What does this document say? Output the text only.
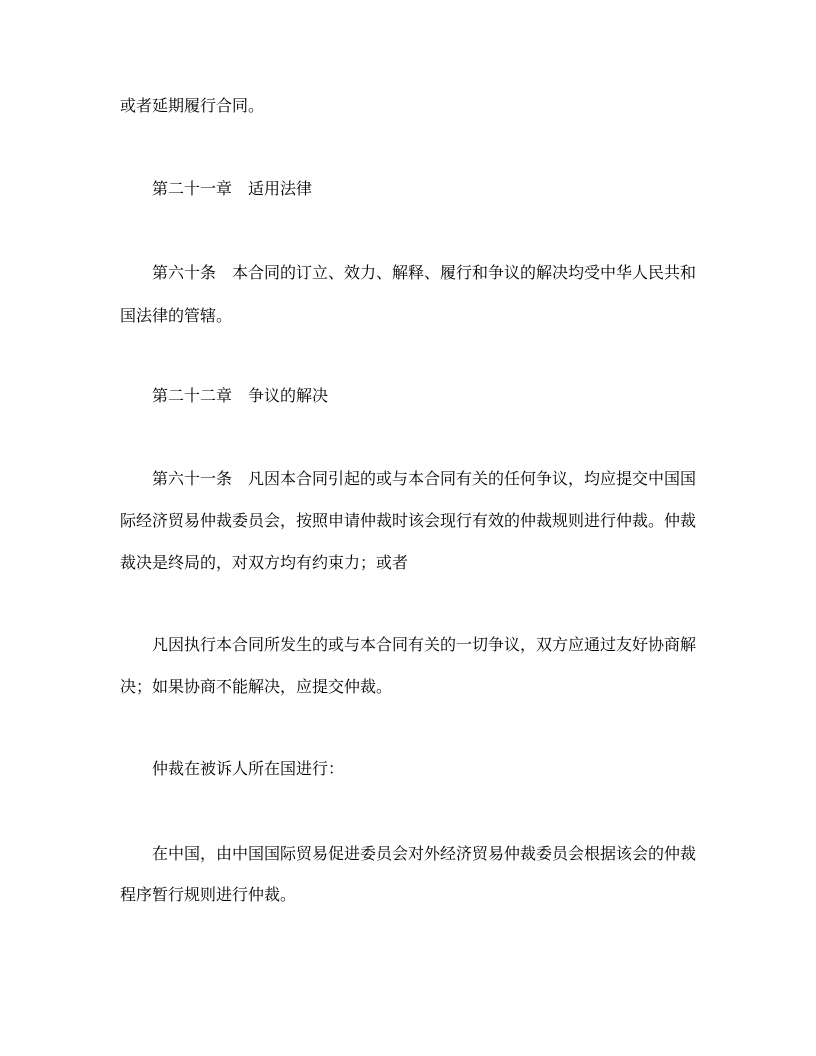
或者延期履行合同。
第二十一章　适用法律
第六十条　本合同的订立、效力、解释、履行和争议的解决均受中华人民共和
国法律的管辖。
第二十二章　争议的解决
第六十一条　凡因本合同引起的或与本合同有关的任何争议，均应提交中国国
际经济贸易仲裁委员会，按照申请仲裁时该会现行有效的仲裁规则进行仲裁。仲裁
裁决是终局的，对双方均有约束力；或者
凡因执行本合同所发生的或与本合同有关的一切争议，双方应通过友好协商解
决；如果协商不能解决，应提交仲裁。
仲裁在被诉人所在国进行：
在中国，由中国国际贸易促进委员会对外经济贸易仲裁委员会根据该会的仲裁
程序暂行规则进行仲裁。
